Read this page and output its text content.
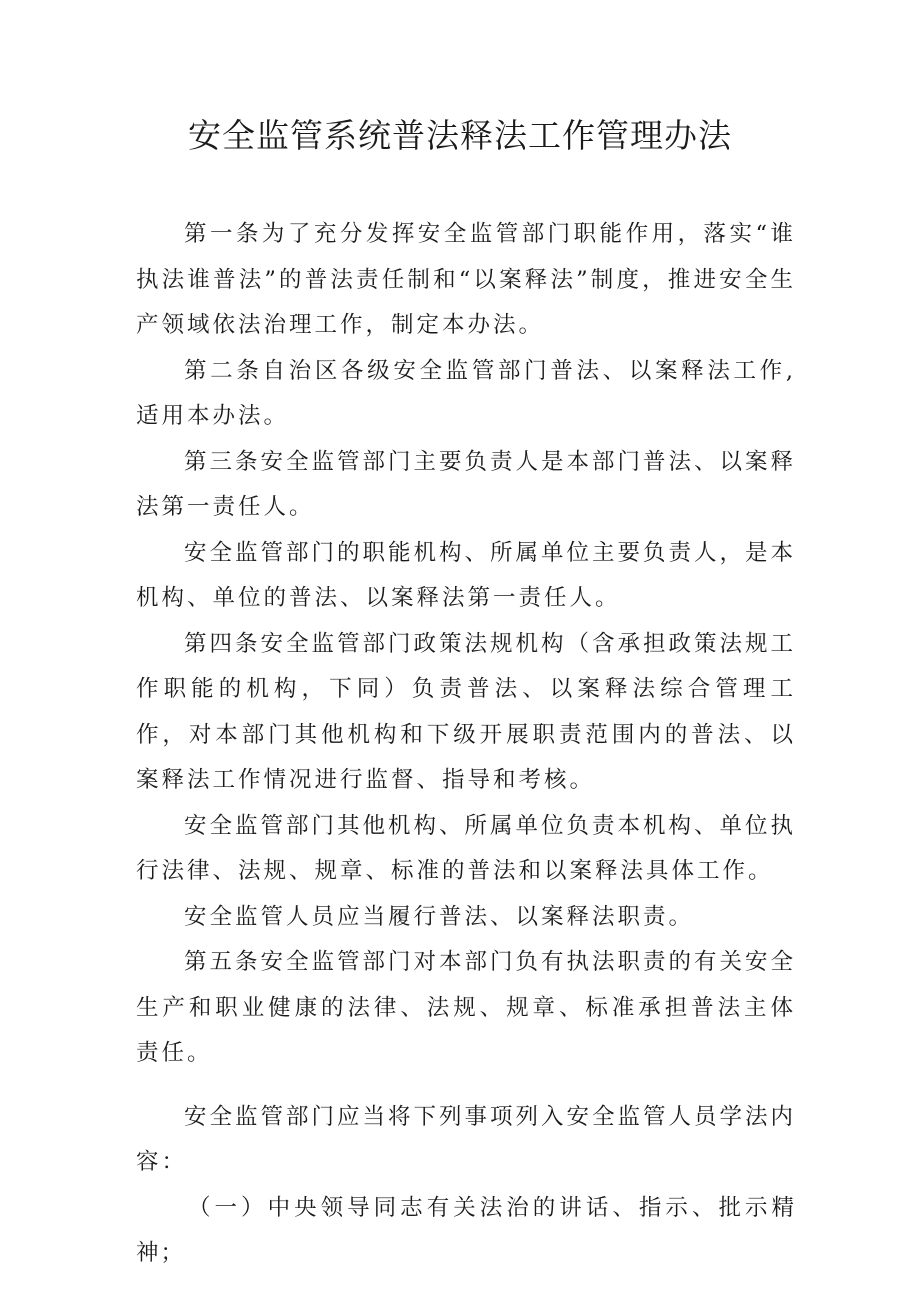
安全监管系统普法释法工作管理办法

第一条为了充分发挥安全监管部门职能作用，落实“谁执法谁普法”的普法责任制和“以案释法”制度，推进安全生产领域依法治理工作，制定本办法。

第二条自治区各级安全监管部门普法、以案释法工作,适用本办法。

第三条安全监管部门主要负责人是本部门普法、以案释法第一责任人。

安全监管部门的职能机构、所属单位主要负责人，是本机构、单位的普法、以案释法第一责任人。

第四条安全监管部门政策法规机构（含承担政策法规工作职能的机构，下同）负责普法、以案释法综合管理工作，对本部门其他机构和下级开展职责范围内的普法、以案释法工作情况进行监督、指导和考核。

安全监管部门其他机构、所属单位负责本机构、单位执行法律、法规、规章、标准的普法和以案释法具体工作。

安全监管人员应当履行普法、以案释法职责。

第五条安全监管部门对本部门负有执法职责的有关安全生产和职业健康的法律、法规、规章、标准承担普法主体责任。

安全监管部门应当将下列事项列入安全监管人员学法内容：

（一）中央领导同志有关法治的讲话、指示、批示精神；
